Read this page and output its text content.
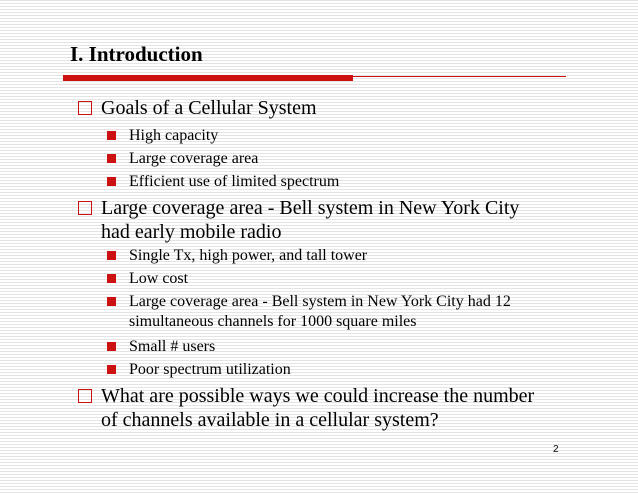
I. Introduction
Goals of a Cellular System
High capacity
Large coverage area
Efficient use of limited spectrum
Large coverage area - Bell system in New York City
had early mobile radio
Single Tx, high power, and tall tower
Low cost
Large coverage area - Bell system in New York City had 12
simultaneous channels for 1000 square miles
Small # users
Poor spectrum utilization
What are possible ways we could increase the number
of channels available in a cellular system?
2
